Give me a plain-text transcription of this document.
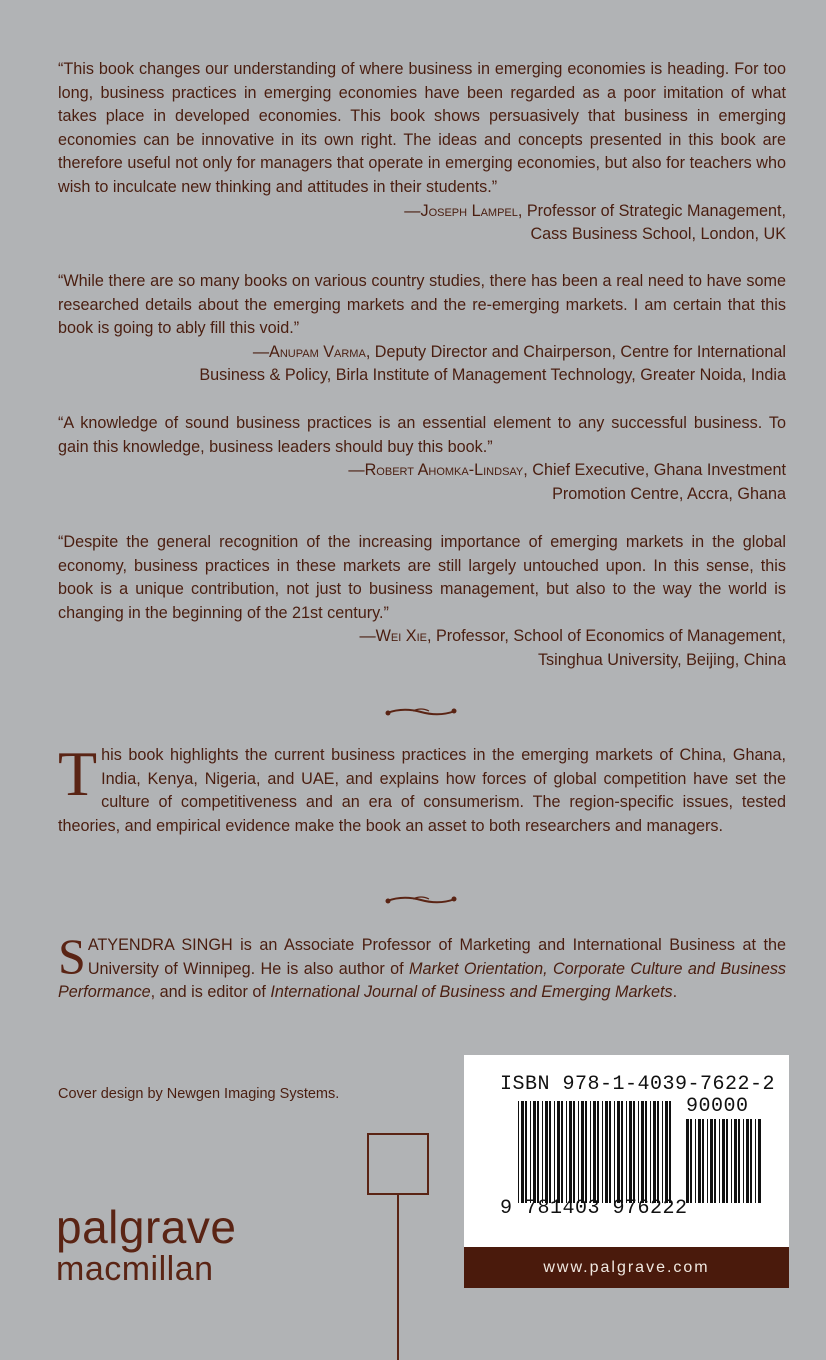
“This book changes our understanding of where business in emerging economies is heading. For too long, business practices in emerging economies have been regarded as a poor imitation of what takes place in developed economies. This book shows persuasively that business in emerging economies can be innovative in its own right. The ideas and concepts presented in this book are therefore useful not only for managers that operate in emerging economies, but also for teachers who wish to inculcate new thinking and attitudes in their students.”

—Joseph Lampel, Professor of Strategic Management,

Cass Business School, London, UK

“While there are so many books on various country studies, there has been a real need to have some researched details about the emerging markets and the re-emerging markets. I am certain that this book is going to ably fill this void.”

—Anupam Varma, Deputy Director and Chairperson, Centre for International

Business & Policy, Birla Institute of Management Technology, Greater Noida, India

“A knowledge of sound business practices is an essential element to any successful business. To gain this knowledge, business leaders should buy this book.”

—Robert Ahomka-Lindsay, Chief Executive, Ghana Investment

Promotion Centre, Accra, Ghana

“Despite the general recognition of the increasing importance of emerging markets in the global economy, business practices in these markets are still largely untouched upon. In this sense, this book is a unique contribution, not just to business management, but also to the way the world is changing in the beginning of the 21st century.”

—Wei Xie, Professor, School of Economics of Management,

Tsinghua University, Beijing, China

This book highlights the current business practices in the emerging markets of China, Ghana, India, Kenya, Nigeria, and UAE, and explains how forces of global competition have set the culture of competitiveness and an era of consumerism. The region-specific issues, tested theories, and empirical evidence make the book an asset to both researchers and managers.
SATYENDRA SINGH is an Associate Professor of Marketing and International Business at the University of Winnipeg. He is also author of Market Orientation, Corporate Culture and Business Performance, and is editor of International Journal of Business and Emerging Markets.
Cover design by Newgen Imaging Systems.
palgrave
macmillan
ISBN 978-1-4039-7622-2
90000
9 781403 976222
www.palgrave.com
